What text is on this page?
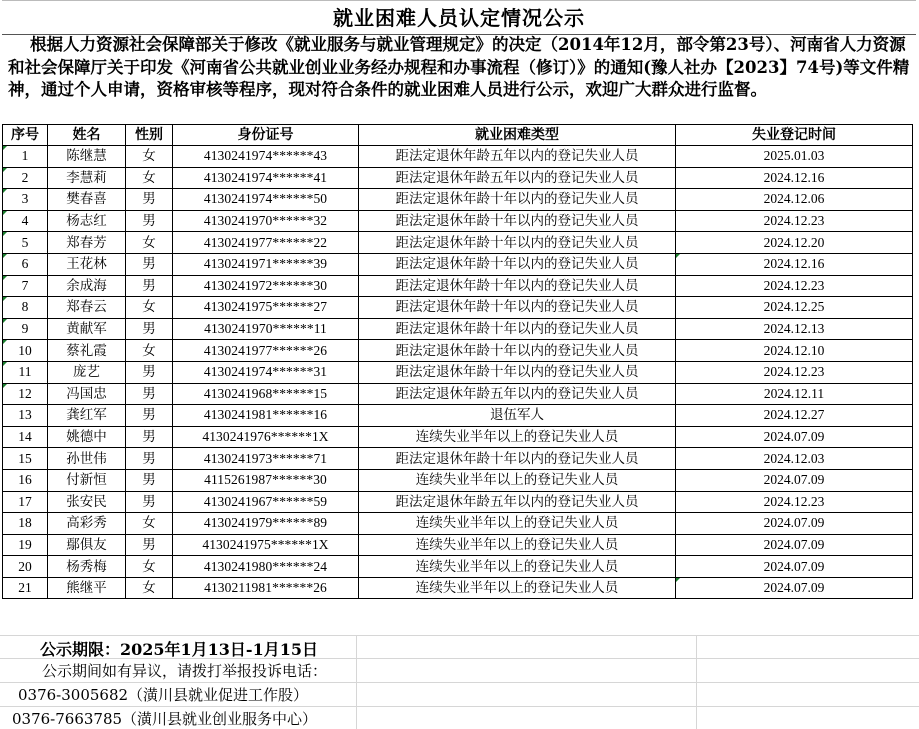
就业困难人员认定情况公示
根据人力资源社会保障部关于修改《就业服务与就业管理规定》的决定（2014年12月，部令第23号）、河南省人力资源和社会保障厅关于印发《河南省公共就业创业业务经办规程和办事流程（修订）》的通知(豫人社办【2023】74号)等文件精神，通过个人申请，资格审核等程序，现对符合条件的就业困难人员进行公示，欢迎广大群众进行监督。
序号	姓名	性别	身份证号	就业困难类型	失业登记时间
1	陈继慧	女	4130241974******43	距法定退休年龄五年以内的登记失业人员	2025.01.03
2	李慧莉	女	4130241974******41	距法定退休年龄五年以内的登记失业人员	2024.12.16
3	樊春喜	男	4130241974******50	距法定退休年龄十年以内的登记失业人员	2024.12.06
4	杨志红	男	4130241970******32	距法定退休年龄十年以内的登记失业人员	2024.12.23
5	郑春芳	女	4130241977******22	距法定退休年龄十年以内的登记失业人员	2024.12.20
6	王花林	男	4130241971******39	距法定退休年龄十年以内的登记失业人员	2024.12.16
7	余成海	男	4130241972******30	距法定退休年龄十年以内的登记失业人员	2024.12.23
8	郑春云	女	4130241975******27	距法定退休年龄十年以内的登记失业人员	2024.12.25
9	黄献军	男	4130241970******11	距法定退休年龄十年以内的登记失业人员	2024.12.13
10	蔡礼霞	女	4130241977******26	距法定退休年龄十年以内的登记失业人员	2024.12.10
11	庞艺	男	4130241974******31	距法定退休年龄十年以内的登记失业人员	2024.12.23
12	冯国忠	男	4130241968******15	距法定退休年龄五年以内的登记失业人员	2024.12.11
13	龚红军	男	4130241981******16	退伍军人	2024.12.27
14	姚德中	男	4130241976******1X	连续失业半年以上的登记失业人员	2024.07.09
15	孙世伟	男	4130241973******71	距法定退休年龄十年以内的登记失业人员	2024.12.03
16	付新恒	男	4115261987******30	连续失业半年以上的登记失业人员	2024.07.09
17	张安民	男	4130241967******59	距法定退休年龄五年以内的登记失业人员	2024.12.23
18	高彩秀	女	4130241979******89	连续失业半年以上的登记失业人员	2024.07.09
19	鄢俱友	男	4130241975******1X	连续失业半年以上的登记失业人员	2024.07.09
20	杨秀梅	女	4130241980******24	连续失业半年以上的登记失业人员	2024.07.09
21	熊继平	女	4130211981******26	连续失业半年以上的登记失业人员	2024.07.09
公示期限：2025年1月13日-1月15日
公示期间如有异议，请拨打举报投诉电话：
0376-3005682（潢川县就业促进工作股）
0376-7663785（潢川县就业创业服务中心）
